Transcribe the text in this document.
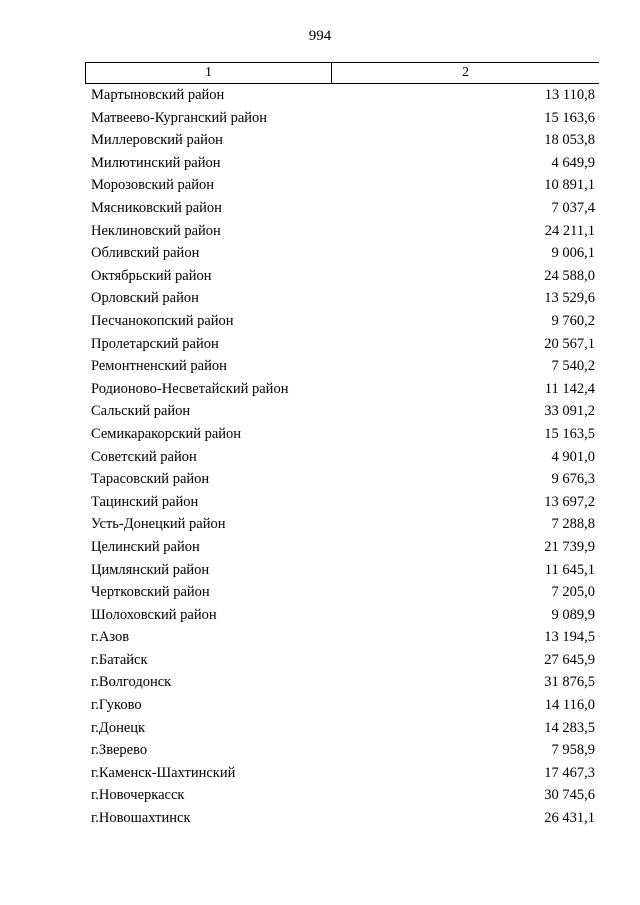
994
1	2
Мартыновский район	13 110,8
Матвеево-Курганский район	15 163,6
Миллеровский район	18 053,8
Милютинский район	4 649,9
Морозовский район	10 891,1
Мясниковский район	7 037,4
Неклиновский район	24 211,1
Обливский район	9 006,1
Октябрьский район	24 588,0
Орловский район	13 529,6
Песчанокопский район	9 760,2
Пролетарский район	20 567,1
Ремонтненский район	7 540,2
Родионово-Несветайский район	11 142,4
Сальский район	33 091,2
Семикаракорский район	15 163,5
Советский район	4 901,0
Тарасовский район	9 676,3
Тацинский район	13 697,2
Усть-Донецкий район	7 288,8
Целинский район	21 739,9
Цимлянский район	11 645,1
Чертковский район	7 205,0
Шолоховский район	9 089,9
г.Азов	13 194,5
г.Батайск	27 645,9
г.Волгодонск	31 876,5
г.Гуково	14 116,0
г.Донецк	14 283,5
г.Зверево	7 958,9
г.Каменск-Шахтинский	17 467,3
г.Новочеркасск	30 745,6
г.Новошахтинск	26 431,1
